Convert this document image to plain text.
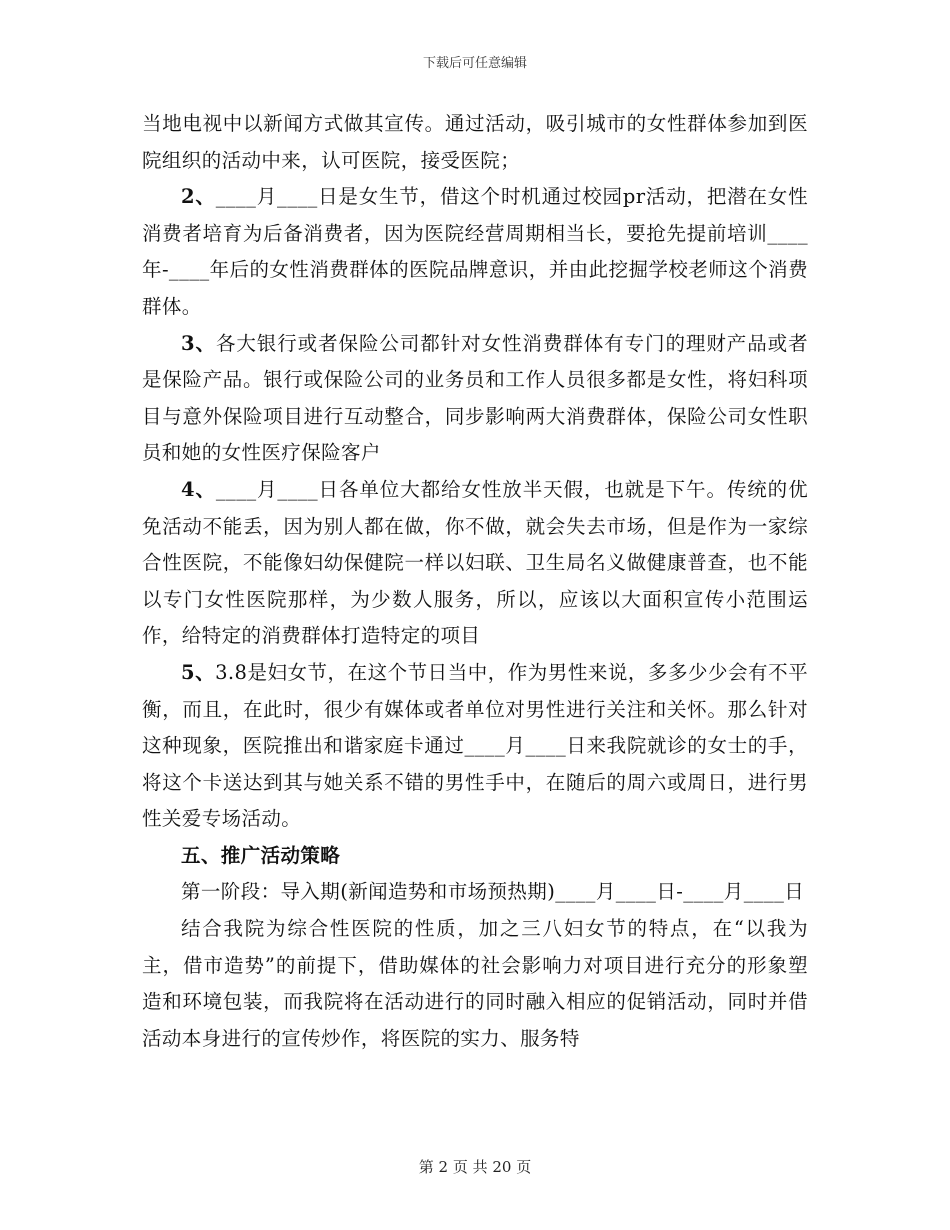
下载后可任意编辑

当地电视中以新闻方式做其宣传。通过活动，吸引城市的女性群体参加到医院组织的活动中来，认可医院，接受医院；

2、____月____日是女生节，借这个时机通过校园pr活动，把潜在女性消费者培育为后备消费者，因为医院经营周期相当长，要抢先提前培训____年-____年后的女性消费群体的医院品牌意识，并由此挖掘学校老师这个消费群体。

3、各大银行或者保险公司都针对女性消费群体有专门的理财产品或者是保险产品。银行或保险公司的业务员和工作人员很多都是女性，将妇科项目与意外保险项目进行互动整合，同步影响两大消费群体，保险公司女性职员和她的女性医疗保险客户

4、____月____日各单位大都给女性放半天假，也就是下午。传统的优免活动不能丢，因为别人都在做，你不做，就会失去市场，但是作为一家综合性医院，不能像妇幼保健院一样以妇联、卫生局名义做健康普查，也不能以专门女性医院那样，为少数人服务，所以，应该以大面积宣传小范围运作，给特定的消费群体打造特定的项目

5、3.8是妇女节，在这个节日当中，作为男性来说，多多少少会有不平衡，而且，在此时，很少有媒体或者单位对男性进行关注和关怀。那么针对这种现象，医院推出和谐家庭卡通过____月____日来我院就诊的女士的手，将这个卡送达到其与她关系不错的男性手中，在随后的周六或周日，进行男性关爱专场活动。

五、推广活动策略

第一阶段：导入期(新闻造势和市场预热期)____月____日-____月____日

结合我院为综合性医院的性质，加之三八妇女节的特点，在“以我为主，借市造势”的前提下，借助媒体的社会影响力对项目进行充分的形象塑造和环境包装，而我院将在活动进行的同时融入相应的促销活动，同时并借活动本身进行的宣传炒作，将医院的实力、服务特

第 2 页 共 20 页
